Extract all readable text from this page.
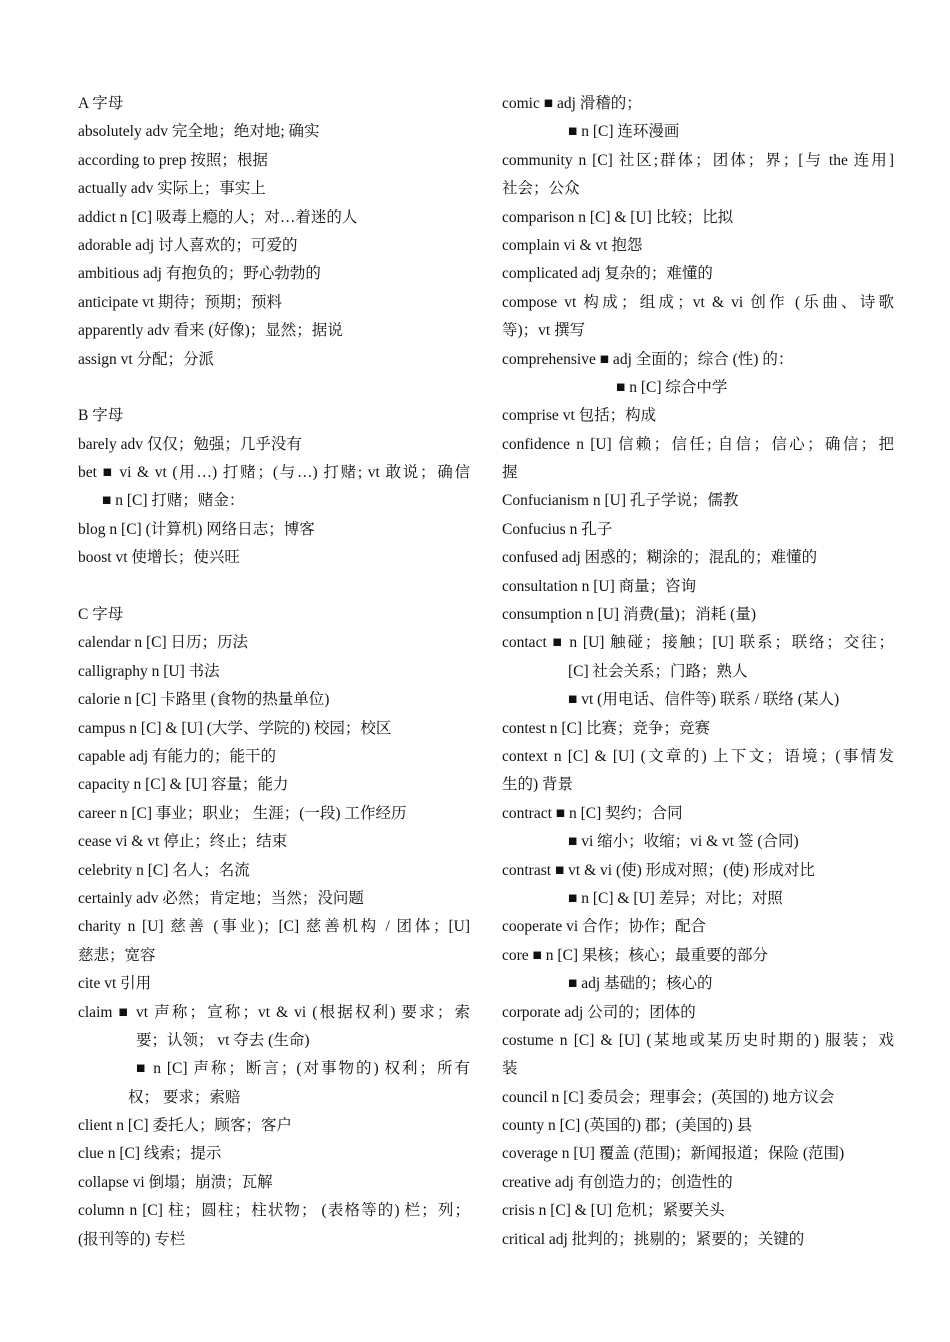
A 字母
absolutely adv 完全地；绝对地; 确实
according to prep 按照；根据
actually adv 实际上；事实上
addict n [C] 吸毒上瘾的人；对…着迷的人
adorable adj 讨人喜欢的；可爱的
ambitious adj 有抱负的；野心勃勃的
anticipate vt 期待；预期；预料
apparently adv 看来 (好像)；显然；据说
assign vt 分配；分派
B 字母
barely adv 仅仅；勉强；几乎没有
bet ■ vi & vt (用…) 打赌；(与…) 打赌; vt 敢说；确信
■ n [C] 打赌；赌金：
blog n [C] (计算机) 网络日志；博客
boost vt 使增长；使兴旺
C 字母
calendar n [C] 日历；历法
calligraphy n [U] 书法
calorie n [C] 卡路里 (食物的热量单位)
campus n [C] & [U] (大学、学院的) 校园；校区
capable adj 有能力的；能干的
capacity n [C] & [U] 容量；能力
career n [C] 事业；职业； 生涯；(一段) 工作经历
cease vi & vt 停止；终止；结束
celebrity n [C] 名人；名流
certainly adv 必然；肯定地；当然；没问题
charity n [U] 慈善 (事业)；[C] 慈善机构 / 团体；[U]
慈悲；宽容
cite vt 引用
claim ■ vt 声称；宣称；vt & vi (根据权利) 要求；索
要；认领； vt 夺去 (生命)
■ n [C] 声称；断言；(对事物的) 权利；所有
权； 要求；索赔
client n [C] 委托人；顾客；客户
clue n [C] 线索；提示
collapse vi 倒塌；崩溃；瓦解
column n [C] 柱；圆柱；柱状物； (表格等的) 栏；列；
(报刊等的) 专栏
comic ■ adj 滑稽的；
■ n [C] 连环漫画
community n [C] 社区;群体；团体；界；[与 the 连用]
社会；公众
comparison n [C] & [U] 比较；比拟
complain vi & vt 抱怨
complicated adj 复杂的；难懂的
compose vt 构成；组成；vt & vi 创作 (乐曲、诗歌
等)；vt 撰写
comprehensive ■ adj 全面的；综合 (性) 的：
■ n [C] 综合中学
comprise vt 包括；构成
confidence n [U] 信赖；信任; 自信；信心；确信；把
握
Confucianism n [U] 孔子学说；儒教
Confucius n 孔子
confused adj 困惑的；糊涂的；混乱的；难懂的
consultation n [U] 商量；咨询
consumption n [U] 消费(量)；消耗 (量)
contact ■ n [U] 触碰；接触；[U] 联系；联络；交往；
[C] 社会关系；门路；熟人
■ vt (用电话、信件等) 联系 / 联络 (某人)
contest n [C] 比赛；竞争；竞赛
context n [C] & [U] (文章的) 上下文；语境；(事情发
生的) 背景
contract ■ n [C] 契约；合同
■ vi 缩小；收缩；vi & vt 签 (合同)
contrast ■ vt & vi (使) 形成对照；(使) 形成对比
■ n [C] & [U] 差异；对比；对照
cooperate vi 合作；协作；配合
core ■ n [C] 果核；核心；最重要的部分
■ adj 基础的；核心的
corporate adj 公司的；团体的
costume n [C] & [U] (某地或某历史时期的) 服装；戏
装
council n [C] 委员会；理事会；(英国的) 地方议会
county n [C] (英国的) 郡；(美国的) 县
coverage n [U] 覆盖 (范围)；新闻报道；保险 (范围)
creative adj 有创造力的；创造性的
crisis n [C] & [U] 危机；紧要关头
critical adj 批判的；挑剔的；紧要的；关键的
